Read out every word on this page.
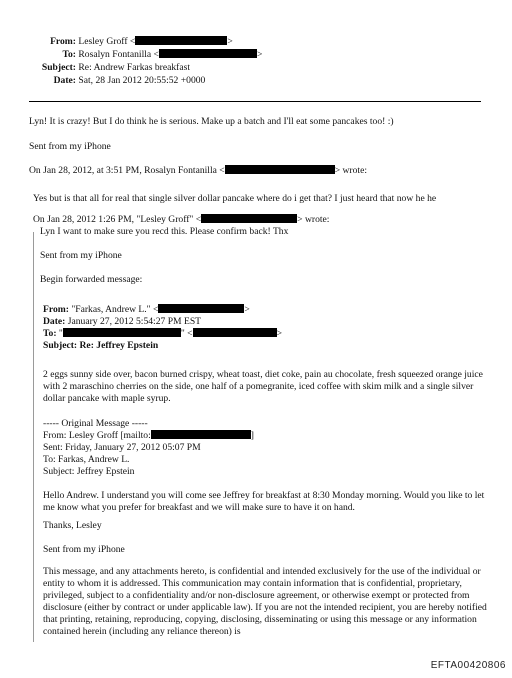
From: Lesley Groff <	>
To: Rosalyn Fontanilla <	>
Subject: Re: Andrew Farkas breakfast
Date: Sat, 28 Jan 2012 20:55:52 +0000
Lyn! It is crazy! But I do think he is serious. Make up a batch and I'll eat some pancakes too! :)
Sent from my iPhone
On Jan 28, 2012, at 3:51 PM, Rosalyn Fontanilla <	> wrote:
Yes but is that all for real that single silver dollar pancake where do i get that? I just heard that now he he
On Jan 28, 2012 1:26 PM, "Lesley Groff" <	> wrote:
Lyn I want to make sure you recd this. Please confirm back! Thx
Sent from my iPhone
Begin forwarded message:
From: "Farkas, Andrew L." <	>
Date: January 27, 2012 5:54:27 PM EST
To: "	" <	>
Subject: Re: Jeffrey Epstein
2 eggs sunny side over, bacon burned crispy, wheat toast, diet coke, pain au chocolate, fresh squeezed orange juice with 2 maraschino cherries on the side, one half of a pomegranite, iced coffee with skim milk and a single silver dollar pancake with maple syrup.
----- Original Message -----
From: Lesley Groff [mailto:	]
Sent: Friday, January 27, 2012 05:07 PM
To: Farkas, Andrew L.
Subject: Jeffrey Epstein
Hello Andrew. I understand you will come see Jeffrey for breakfast at 8:30 Monday morning. Would you like to let me know what you prefer for breakfast and we will make sure to have it on hand.
Thanks, Lesley
Sent from my iPhone
This message, and any attachments hereto, is confidential and intended exclusively for the use of the individual or entity to whom it is addressed. This communication may contain information that is confidential, proprietary, privileged, subject to a confidentiality and/or non-disclosure agreement, or otherwise exempt or protected from disclosure (either by contract or under applicable law). If you are not the intended recipient, you are hereby notified that printing, retaining, reproducing, copying, disclosing, disseminating or using this message or any information contained herein (including any reliance thereon) is
EFTA00420806
